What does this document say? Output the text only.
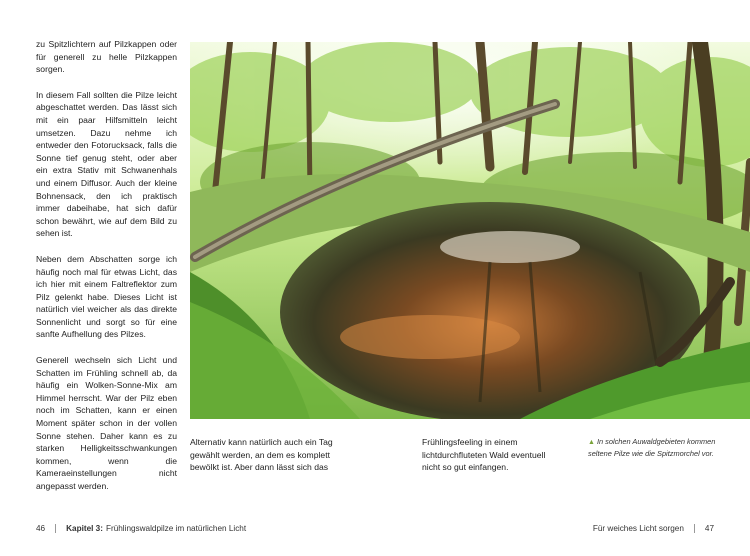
zu Spitzlichtern auf Pilzkappen oder für generell zu helle Pilzkappen sorgen.

In diesem Fall sollten die Pilze leicht abgeschattet werden. Das lässt sich mit ein paar Hilfsmitteln leicht umsetzen. Dazu nehme ich entweder den Fotorucksack, falls die Sonne tief genug steht, oder aber ein extra Stativ mit Schwanenhals und einem Diffusor. Auch der kleine Bohnensack, den ich praktisch immer dabeihabe, hat sich dafür schon bewährt, wie auf dem Bild zu sehen ist.

Neben dem Abschatten sorge ich häufig noch mal für etwas Licht, das ich hier mit einem Faltreflektor zum Pilz gelenkt habe. Dieses Licht ist natürlich viel weicher als das direkte Sonnenlicht und sorgt so für eine sanfte Aufhellung des Pilzes.

Generell wechseln sich Licht und Schatten im Frühling schnell ab, da häufig ein Wolken-Sonne-Mix am Himmel herrscht. War der Pilz eben noch im Schatten, kann er einen Moment später schon in der vollen Sonne stehen. Daher kann es zu starken Helligkeitsschwankungen kommen, wenn die Kameraeinstellungen nicht angepasst werden.

Alternativ kann natürlich auch ein Tag gewählt werden, an dem es komplett bewölkt ist. Aber dann lässt sich das

Frühlingsfeeling in einem lichtdurchfluteten Wald eventuell nicht so gut einfangen.

▲ In solchen Auwaldgebieten kommen seltene Pilze wie die Spitzmorchel vor.
46	Kapitel 3: Frühlingswaldpilze im natürlichen Licht	Für weiches Licht sorgen	47
